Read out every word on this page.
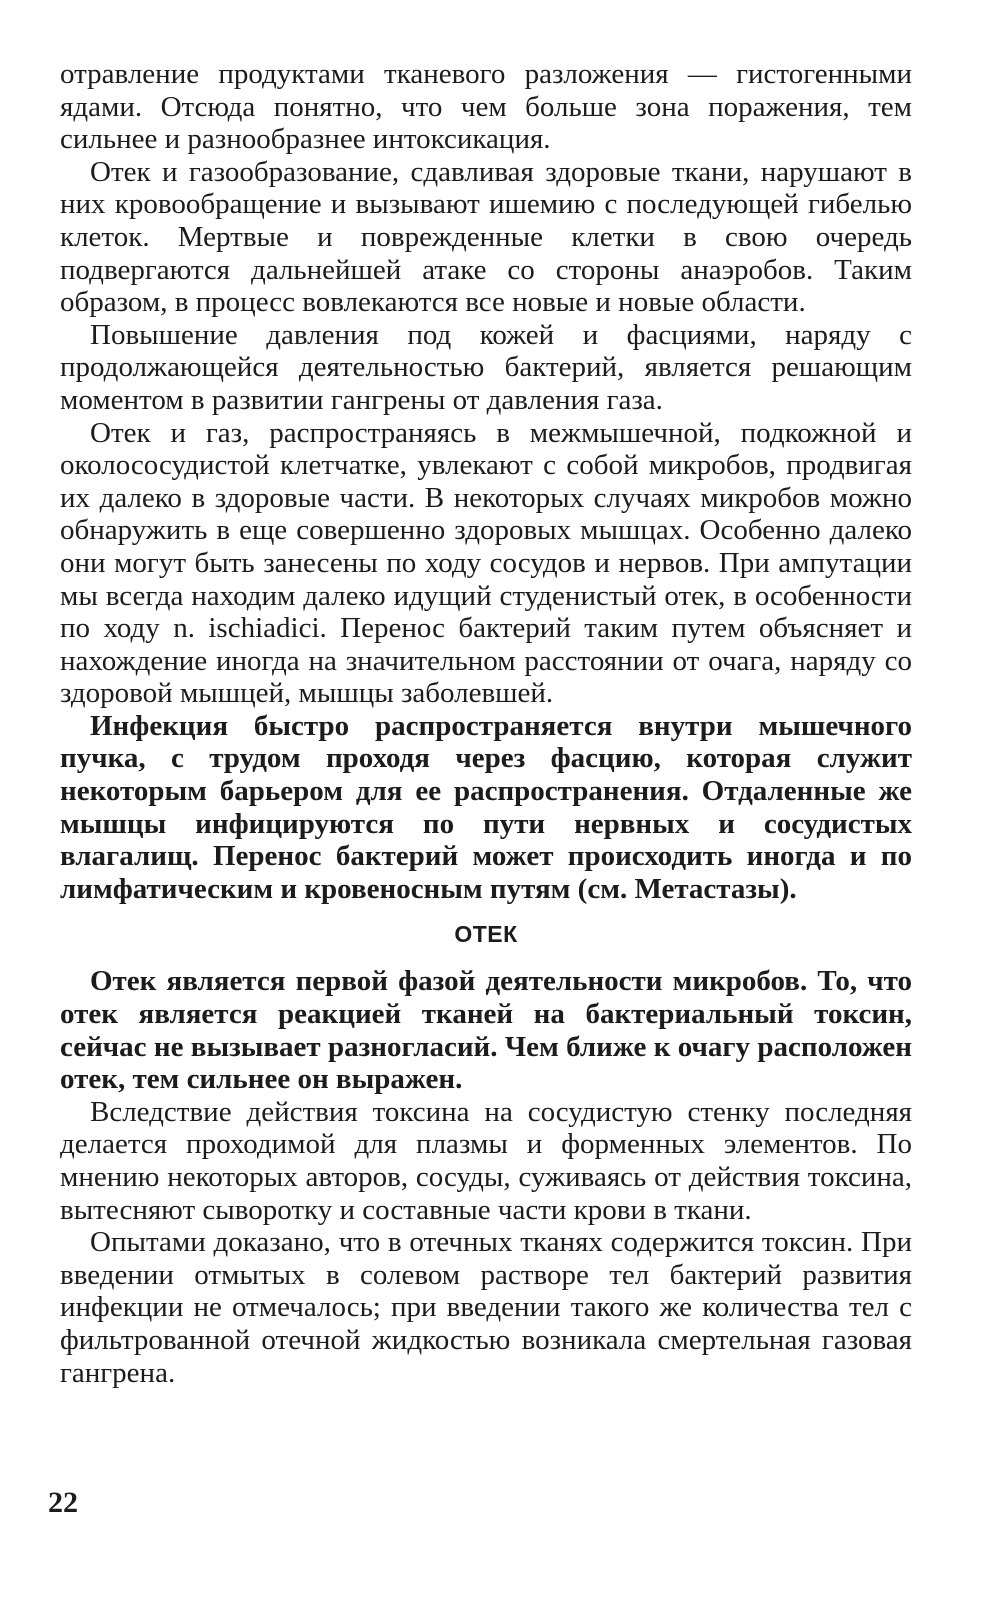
отравление продуктами тканевого разложения — гистогенными ядами. Отсюда понятно, что чем больше зона поражения, тем сильнее и разнообразнее интоксикация.

Отек и газообразование, сдавливая здоровые ткани, нарушают в них кровообращение и вызывают ишемию с последующей гибелью клеток. Мертвые и поврежденные клетки в свою очередь подвергаются дальнейшей атаке со стороны анаэробов. Таким образом, в процесс вовлекаются все новые и новые области.

Повышение давления под кожей и фасциями, наряду с продолжающейся деятельностью бактерий, является решающим моментом в развитии гангрены от давления газа.

Отек и газ, распространяясь в межмышечной, подкожной и околососудистой клетчатке, увлекают с собой микробов, продвигая их далеко в здоровые части. В некоторых случаях микробов можно обнаружить в еще совершенно здоровых мышцах. Особенно далеко они могут быть занесены по ходу сосудов и нервов. При ампутации мы всегда находим далеко идущий студенистый отек, в особенности по ходу n. ischiadici. Перенос бактерий таким путем объясняет и нахождение иногда на значительном расстоянии от очага, наряду со здоровой мышцей, мышцы заболевшей.

Инфекция быстро распространяется внутри мышечного пучка, с трудом проходя через фасцию, которая служит некоторым барьером для ее распространения. Отдаленные же мышцы инфицируются по пути нервных и сосудистых влагалищ. Перенос бактерий может происходить иногда и по лимфатическим и кровеносным путям (см. Метастазы).

ОТЕК

Отек является первой фазой деятельности микробов. То, что отек является реакцией тканей на бактериальный токсин, сейчас не вызывает разногласий. Чем ближе к очагу расположен отек, тем сильнее он выражен.

Вследствие действия токсина на сосудистую стенку последняя делается проходимой для плазмы и форменных элементов. По мнению некоторых авторов, сосуды, суживаясь от действия токсина, вытесняют сыворотку и составные части крови в ткани.

Опытами доказано, что в отечных тканях содержится токсин. При введении отмытых в солевом растворе тел бактерий развития инфекции не отмечалось; при введении такого же количества тел с фильтрованной отечной жидкостью возникала смертельная газовая гангрена.

22
